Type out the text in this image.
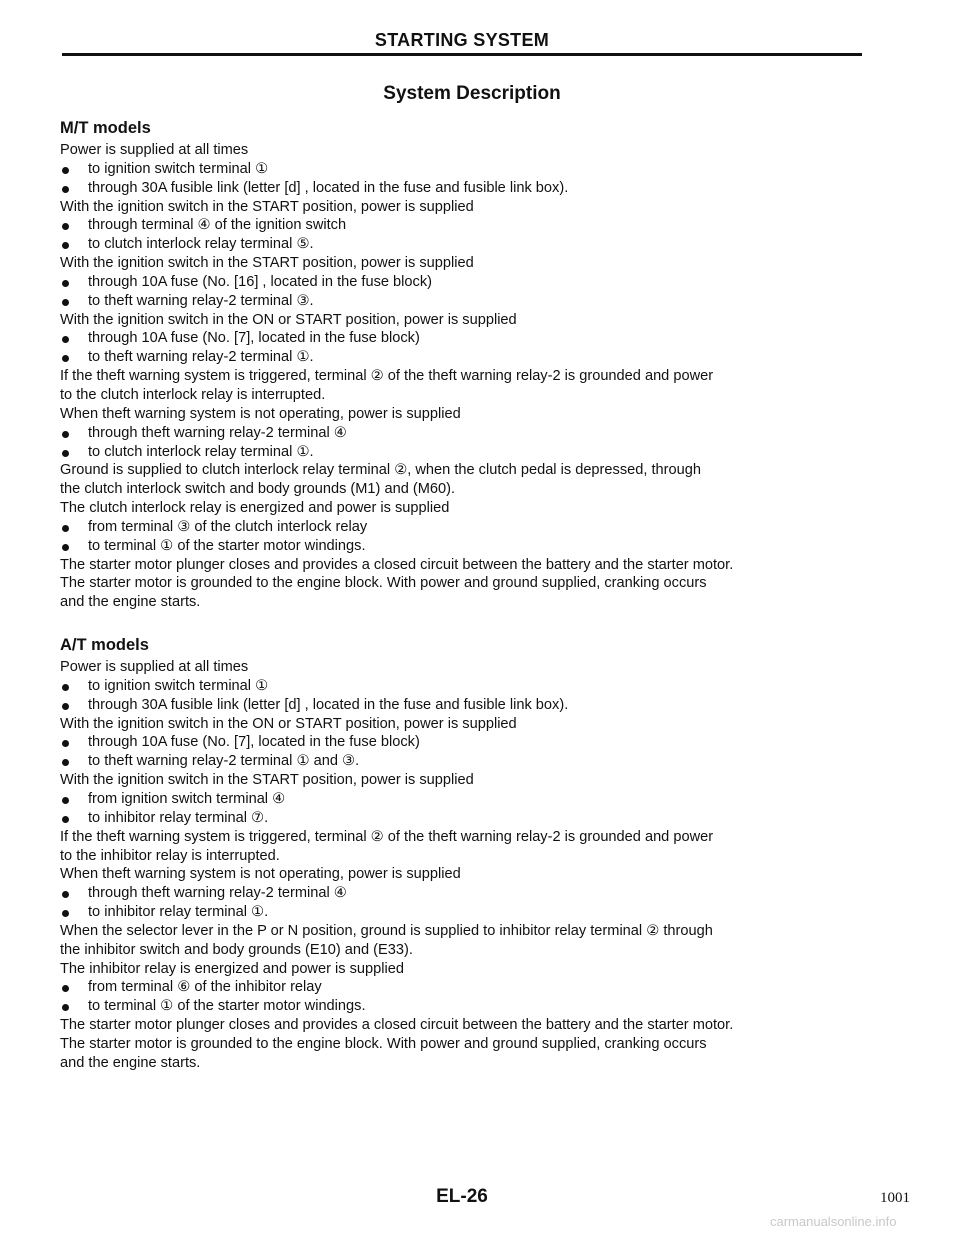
STARTING SYSTEM
System Description
M/T models
Power is supplied at all times
to ignition switch terminal ①
through 30A fusible link (letter [d] , located in the fuse and fusible link box).
With the ignition switch in the START position, power is supplied
through terminal ④ of the ignition switch
to clutch interlock relay terminal ⑤.
With the ignition switch in the START position, power is supplied
through 10A fuse (No. [16] , located in the fuse block)
to theft warning relay-2 terminal ③.
With the ignition switch in the ON or START position, power is supplied
through 10A fuse (No. [7], located in the fuse block)
to theft warning relay-2 terminal ①.
If the theft warning system is triggered, terminal ② of the theft warning relay-2 is grounded and power
to the clutch interlock relay is interrupted.
When theft warning system is not operating, power is supplied
through theft warning relay-2 terminal ④
to clutch interlock relay terminal ①.
Ground is supplied to clutch interlock relay terminal ②, when the clutch pedal is depressed, through
the clutch interlock switch and body grounds (M1) and (M60).
The clutch interlock relay is energized and power is supplied
from terminal ③ of the clutch interlock relay
to terminal ① of the starter motor windings.
The starter motor plunger closes and provides a closed circuit between the battery and the starter motor.
The starter motor is grounded to the engine block. With power and ground supplied, cranking occurs
and the engine starts.
A/T models
Power is supplied at all times
to ignition switch terminal ①
through 30A fusible link (letter [d] , located in the fuse and fusible link box).
With the ignition switch in the ON or START position, power is supplied
through 10A fuse (No. [7], located in the fuse block)
to theft warning relay-2 terminal ① and ③.
With the ignition switch in the START position, power is supplied
from ignition switch terminal ④
to inhibitor relay terminal ⑦.
If the theft warning system is triggered, terminal ② of the theft warning relay-2 is grounded and power
to the inhibitor relay is interrupted.
When theft warning system is not operating, power is supplied
through theft warning relay-2 terminal ④
to inhibitor relay terminal ①.
When the selector lever in the P or N position, ground is supplied to inhibitor relay terminal ② through
the inhibitor switch and body grounds (E10) and (E33).
The inhibitor relay is energized and power is supplied
from terminal ⑥ of the inhibitor relay
to terminal ① of the starter motor windings.
The starter motor plunger closes and provides a closed circuit between the battery and the starter motor.
The starter motor is grounded to the engine block. With power and ground supplied, cranking occurs
and the engine starts.
EL-26	1001
carmanualsonline.info
